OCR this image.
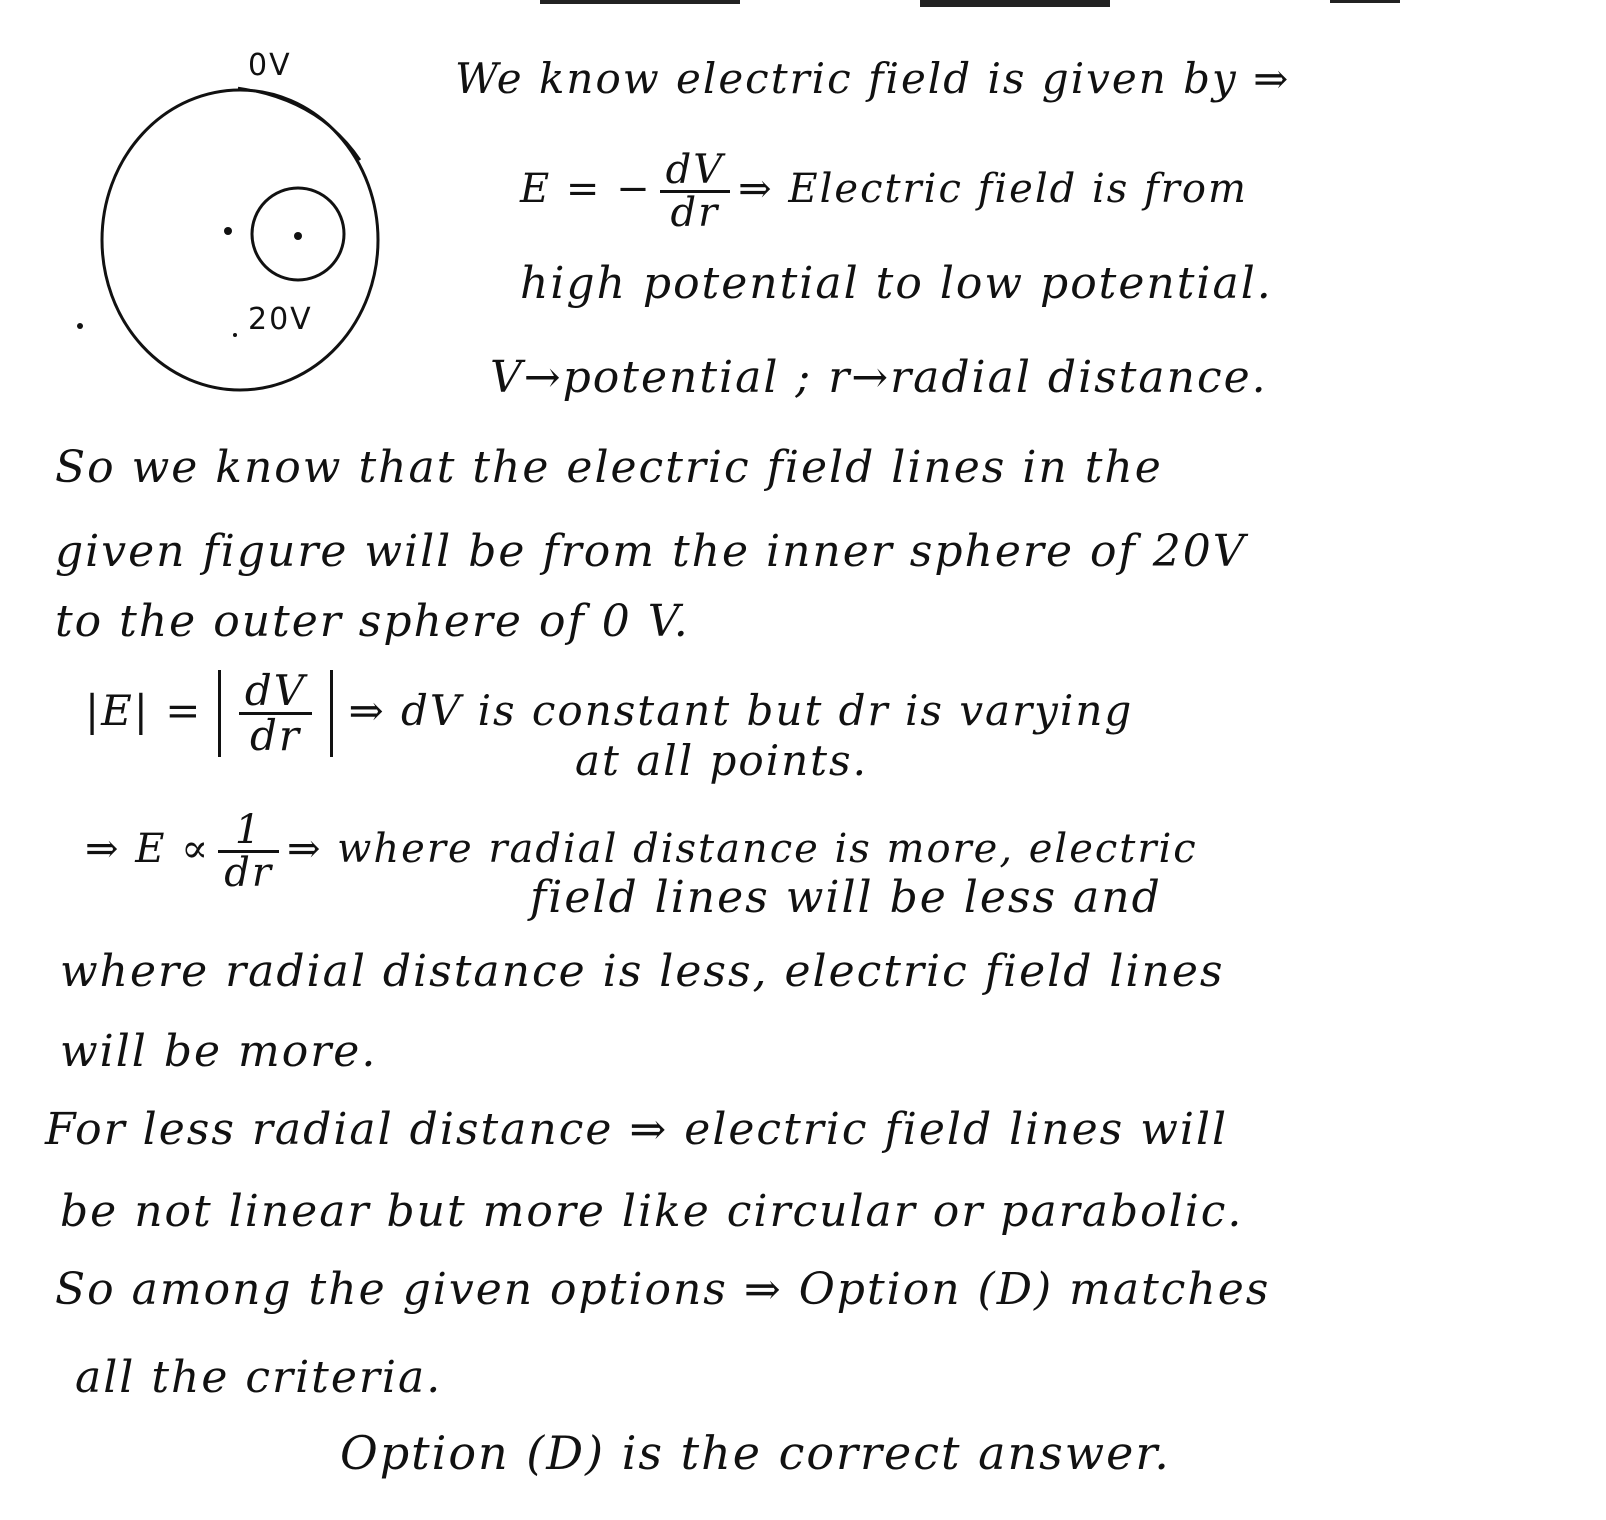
0V
20V
We know electric field is given by ⇒
E = − $\frac{dV}{dr}$ ⇒ Electric field is from
high potential to low potential.
V→potential ; r→radial distance.
So we know that the electric field lines in the
given figure will be from the inner sphere of 20V
to the outer sphere of 0 V.
$|E| = \frac{dV}{dr}$ ⇒ dV is constant but dr is varying
at all points.
⇒ $E \propto \frac{1}{dr}$ ⇒ where radial distance is more, electric
field lines will be less and
where radial distance is less, electric field lines
will be more.
For less radial distance ⇒ electric field lines will
be not linear but more like circular or parabolic.
So among the given options ⇒ Option (D) matches
all the criteria.
Option (D) is the correct answer.
